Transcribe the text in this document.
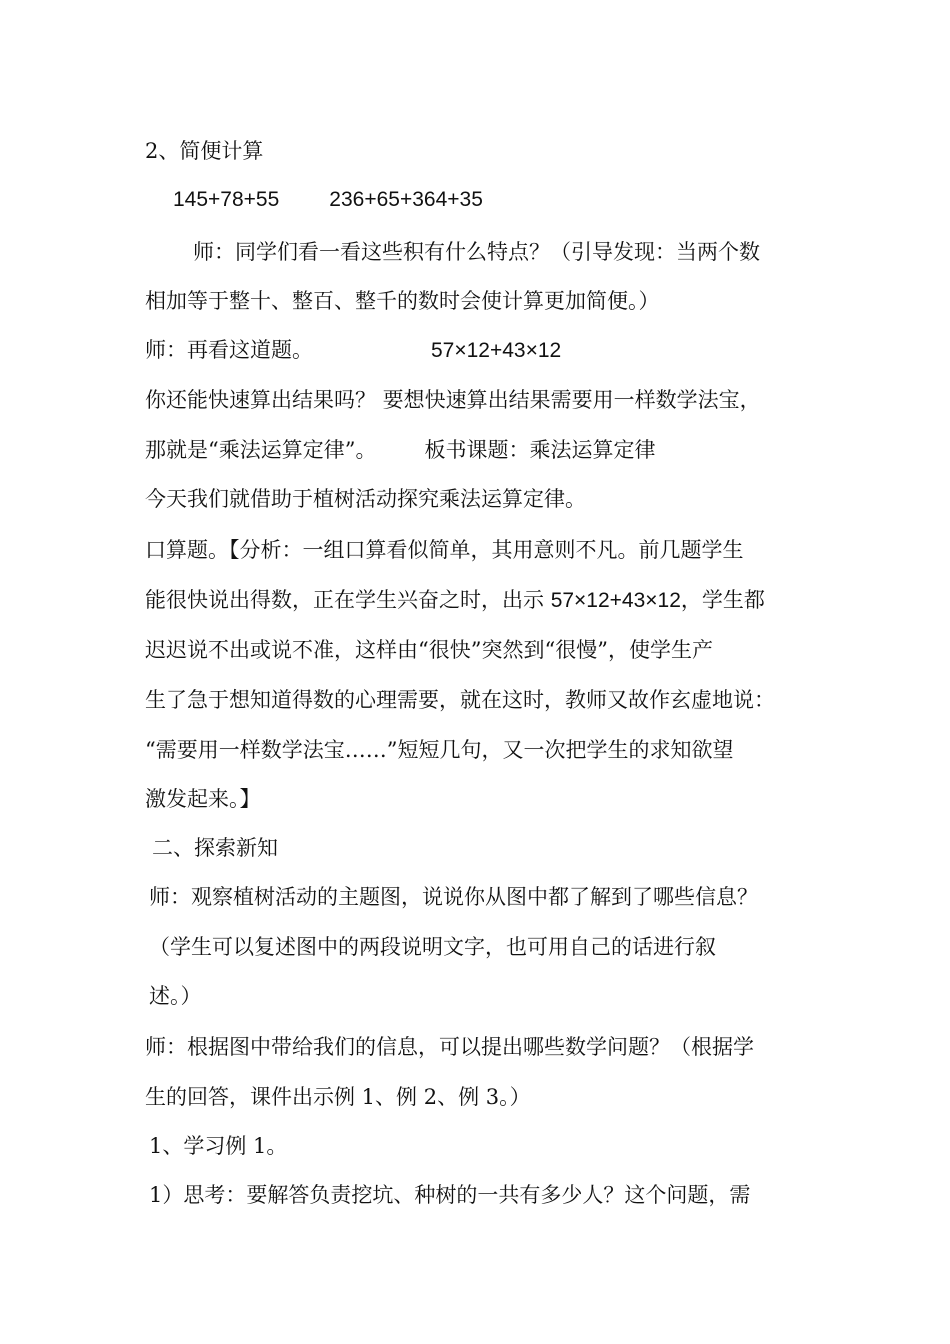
2、简便计算
145+78+55 236+65+364+35
师：同学们看一看这些积有什么特点？（引导发现：当两个数
相加等于整十、整百、整千的数时会使计算更加简便。）
师：再看这道题。	57×12+43×12
你还能快速算出结果吗？ 要想快速算出结果需要用一样数学法宝，
那就是“乘法运算定律”。 板书课题：乘法运算定律
今天我们就借助于植树活动探究乘法运算定律。
口算题。【分析：一组口算看似简单，其用意则不凡。前几题学生
能很快说出得数，正在学生兴奋之时，出示 57×12+43×12，学生都
迟迟说不出或说不准，这样由“很快”突然到“很慢”，使学生产
生了急于想知道得数的心理需要，就在这时，教师又故作玄虚地说：
“需要用一样数学法宝……”短短几句，又一次把学生的求知欲望
激发起来。】
二、探索新知
师：观察植树活动的主题图，说说你从图中都了解到了哪些信息？
（学生可以复述图中的两段说明文字，也可用自己的话进行叙
述。）
师：根据图中带给我们的信息，可以提出哪些数学问题？（根据学
生的回答，课件出示例 1、例 2、例 3。）
1、学习例 1。
1）思考：要解答负责挖坑、种树的一共有多少人？这个问题，需
